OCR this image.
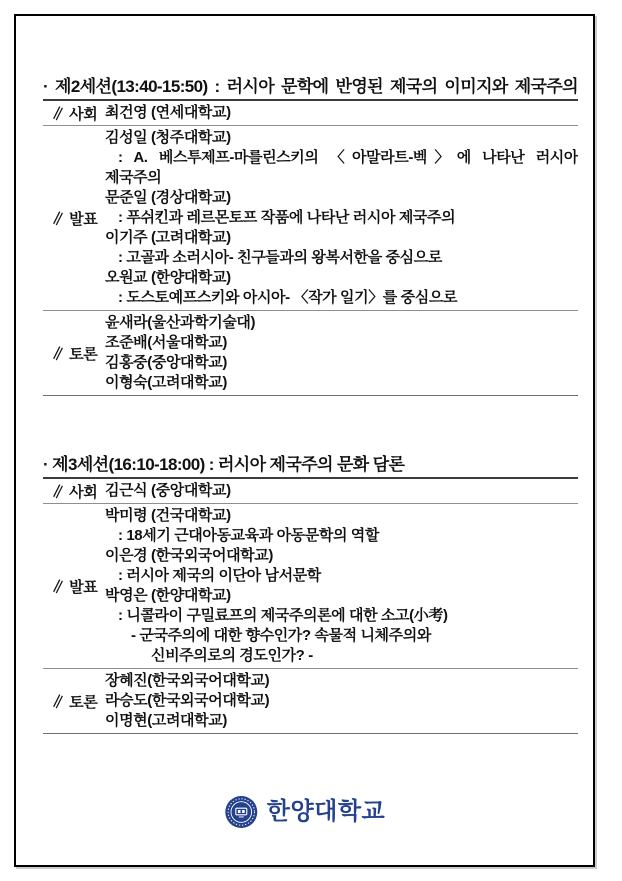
· 제2세션(13:40-15:50) : 러시아 문학에 반영된 제국의 이미지와 제국주의
∥ 사회 최건영 (연세대학교)
∥ 발표
김성일 (청주대학교)
: A. 베스투제프-마를린스키의 〈아말라트-벡〉에 나타난 러시아
제국주의
문준일 (경상대학교)
: 푸쉬킨과 레르몬토프 작품에 나타난 러시아 제국주의
이기주 (고려대학교)
: 고골과 소러시아- 친구들과의 왕복서한을 중심으로
오원교 (한양대학교)
: 도스토예프스키와 아시아- 〈작가 일기〉를 중심으로
∥ 토론
윤새라(울산과학기술대)
조준배(서울대학교)
김홍중(중앙대학교)
이형숙(고려대학교)
· 제3세션(16:10-18:00) : 러시아 제국주의 문화 담론
∥ 사회 김근식 (중앙대학교)
∥ 발표
박미령 (건국대학교)
: 18세기 근대아동교육과 아동문학의 역할
이은경 (한국외국어대학교)
: 러시아 제국의 이단아 남서문학
박영은 (한양대학교)
: 니콜라이 구밀료프의 제국주의론에 대한 소고(小考)
- 군국주의에 대한 향수인가? 속물적 니체주의와
신비주의로의 경도인가? -
∥ 토론
장혜진(한국외국어대학교)
라승도(한국외국어대학교)
이명현(고려대학교)
한양대학교
